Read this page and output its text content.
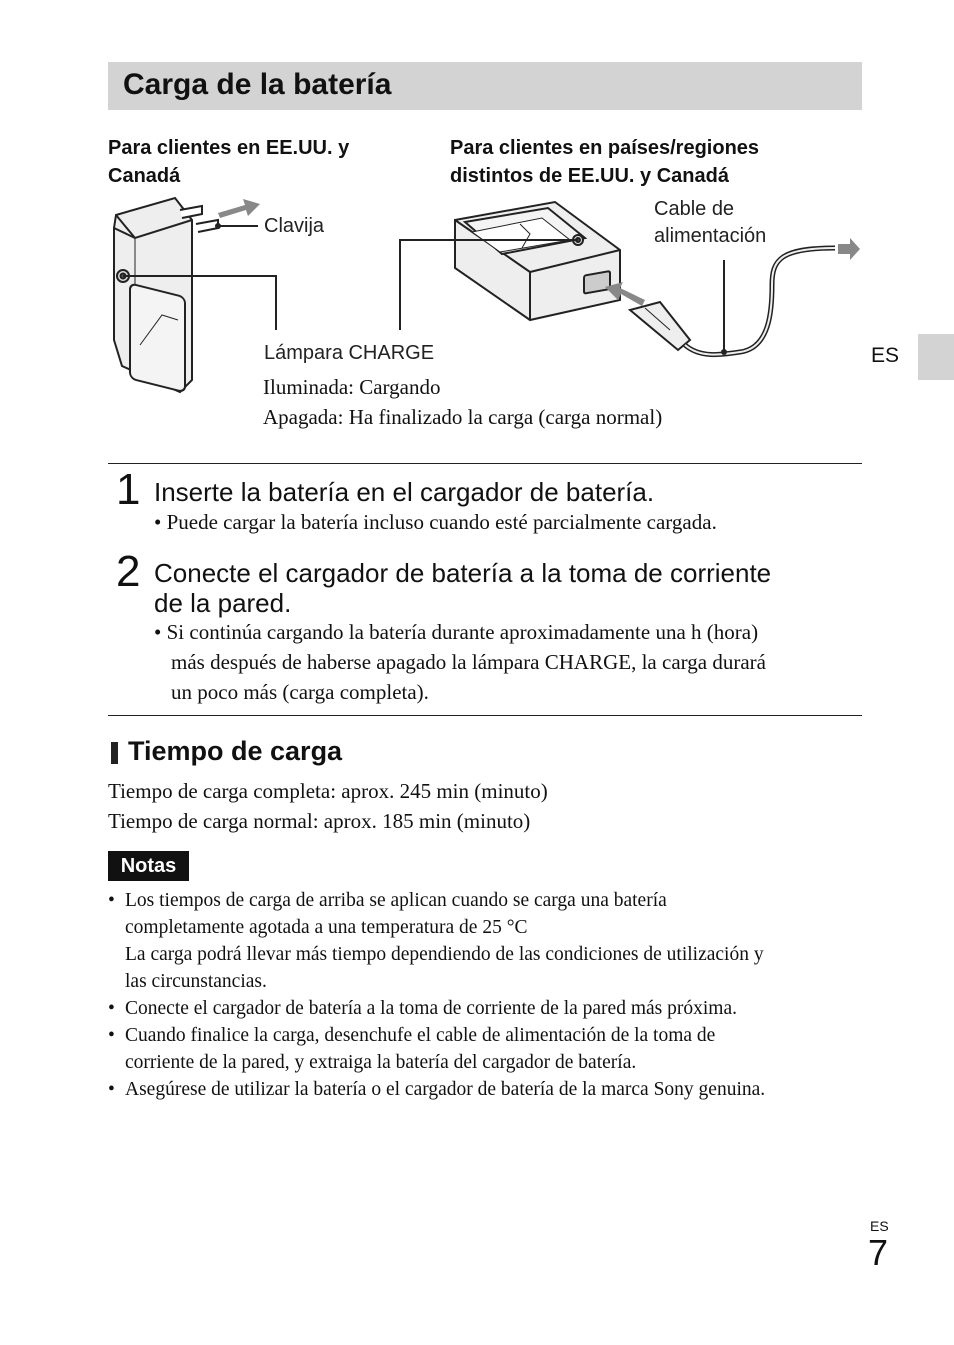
Carga de la batería
ES
Para clientes en EE.UU. y Canadá
Para clientes en países/regiones
distintos de EE.UU. y Canadá
Clavija
Cable de
alimentación
Lámpara CHARGE
Iluminada: Cargando
Apagada: Ha finalizado la carga (carga normal)
1 Inserte la batería en el cargador de batería.
• Puede cargar la batería incluso cuando esté parcialmente cargada.
2 Conecte el cargador de batería a la toma de corriente
de la pared.
• Si continúa cargando la batería durante aproximadamente una h (hora)
más después de haberse apagado la lámpara CHARGE, la carga durará
un poco más (carga completa).
Tiempo de carga
Tiempo de carga completa: aprox. 245 min (minuto)
Tiempo de carga normal: aprox. 185 min (minuto)
Notas
• Los tiempos de carga de arriba se aplican cuando se carga una batería
completamente agotada a una temperatura de 25 °C
La carga podrá llevar más tiempo dependiendo de las condiciones de utilización y
las circunstancias.
• Conecte el cargador de batería a la toma de corriente de la pared más próxima.
• Cuando finalice la carga, desenchufe el cable de alimentación de la toma de
corriente de la pared, y extraiga la batería del cargador de batería.
• Asegúrese de utilizar la batería o el cargador de batería de la marca Sony genuina.
ES
7
